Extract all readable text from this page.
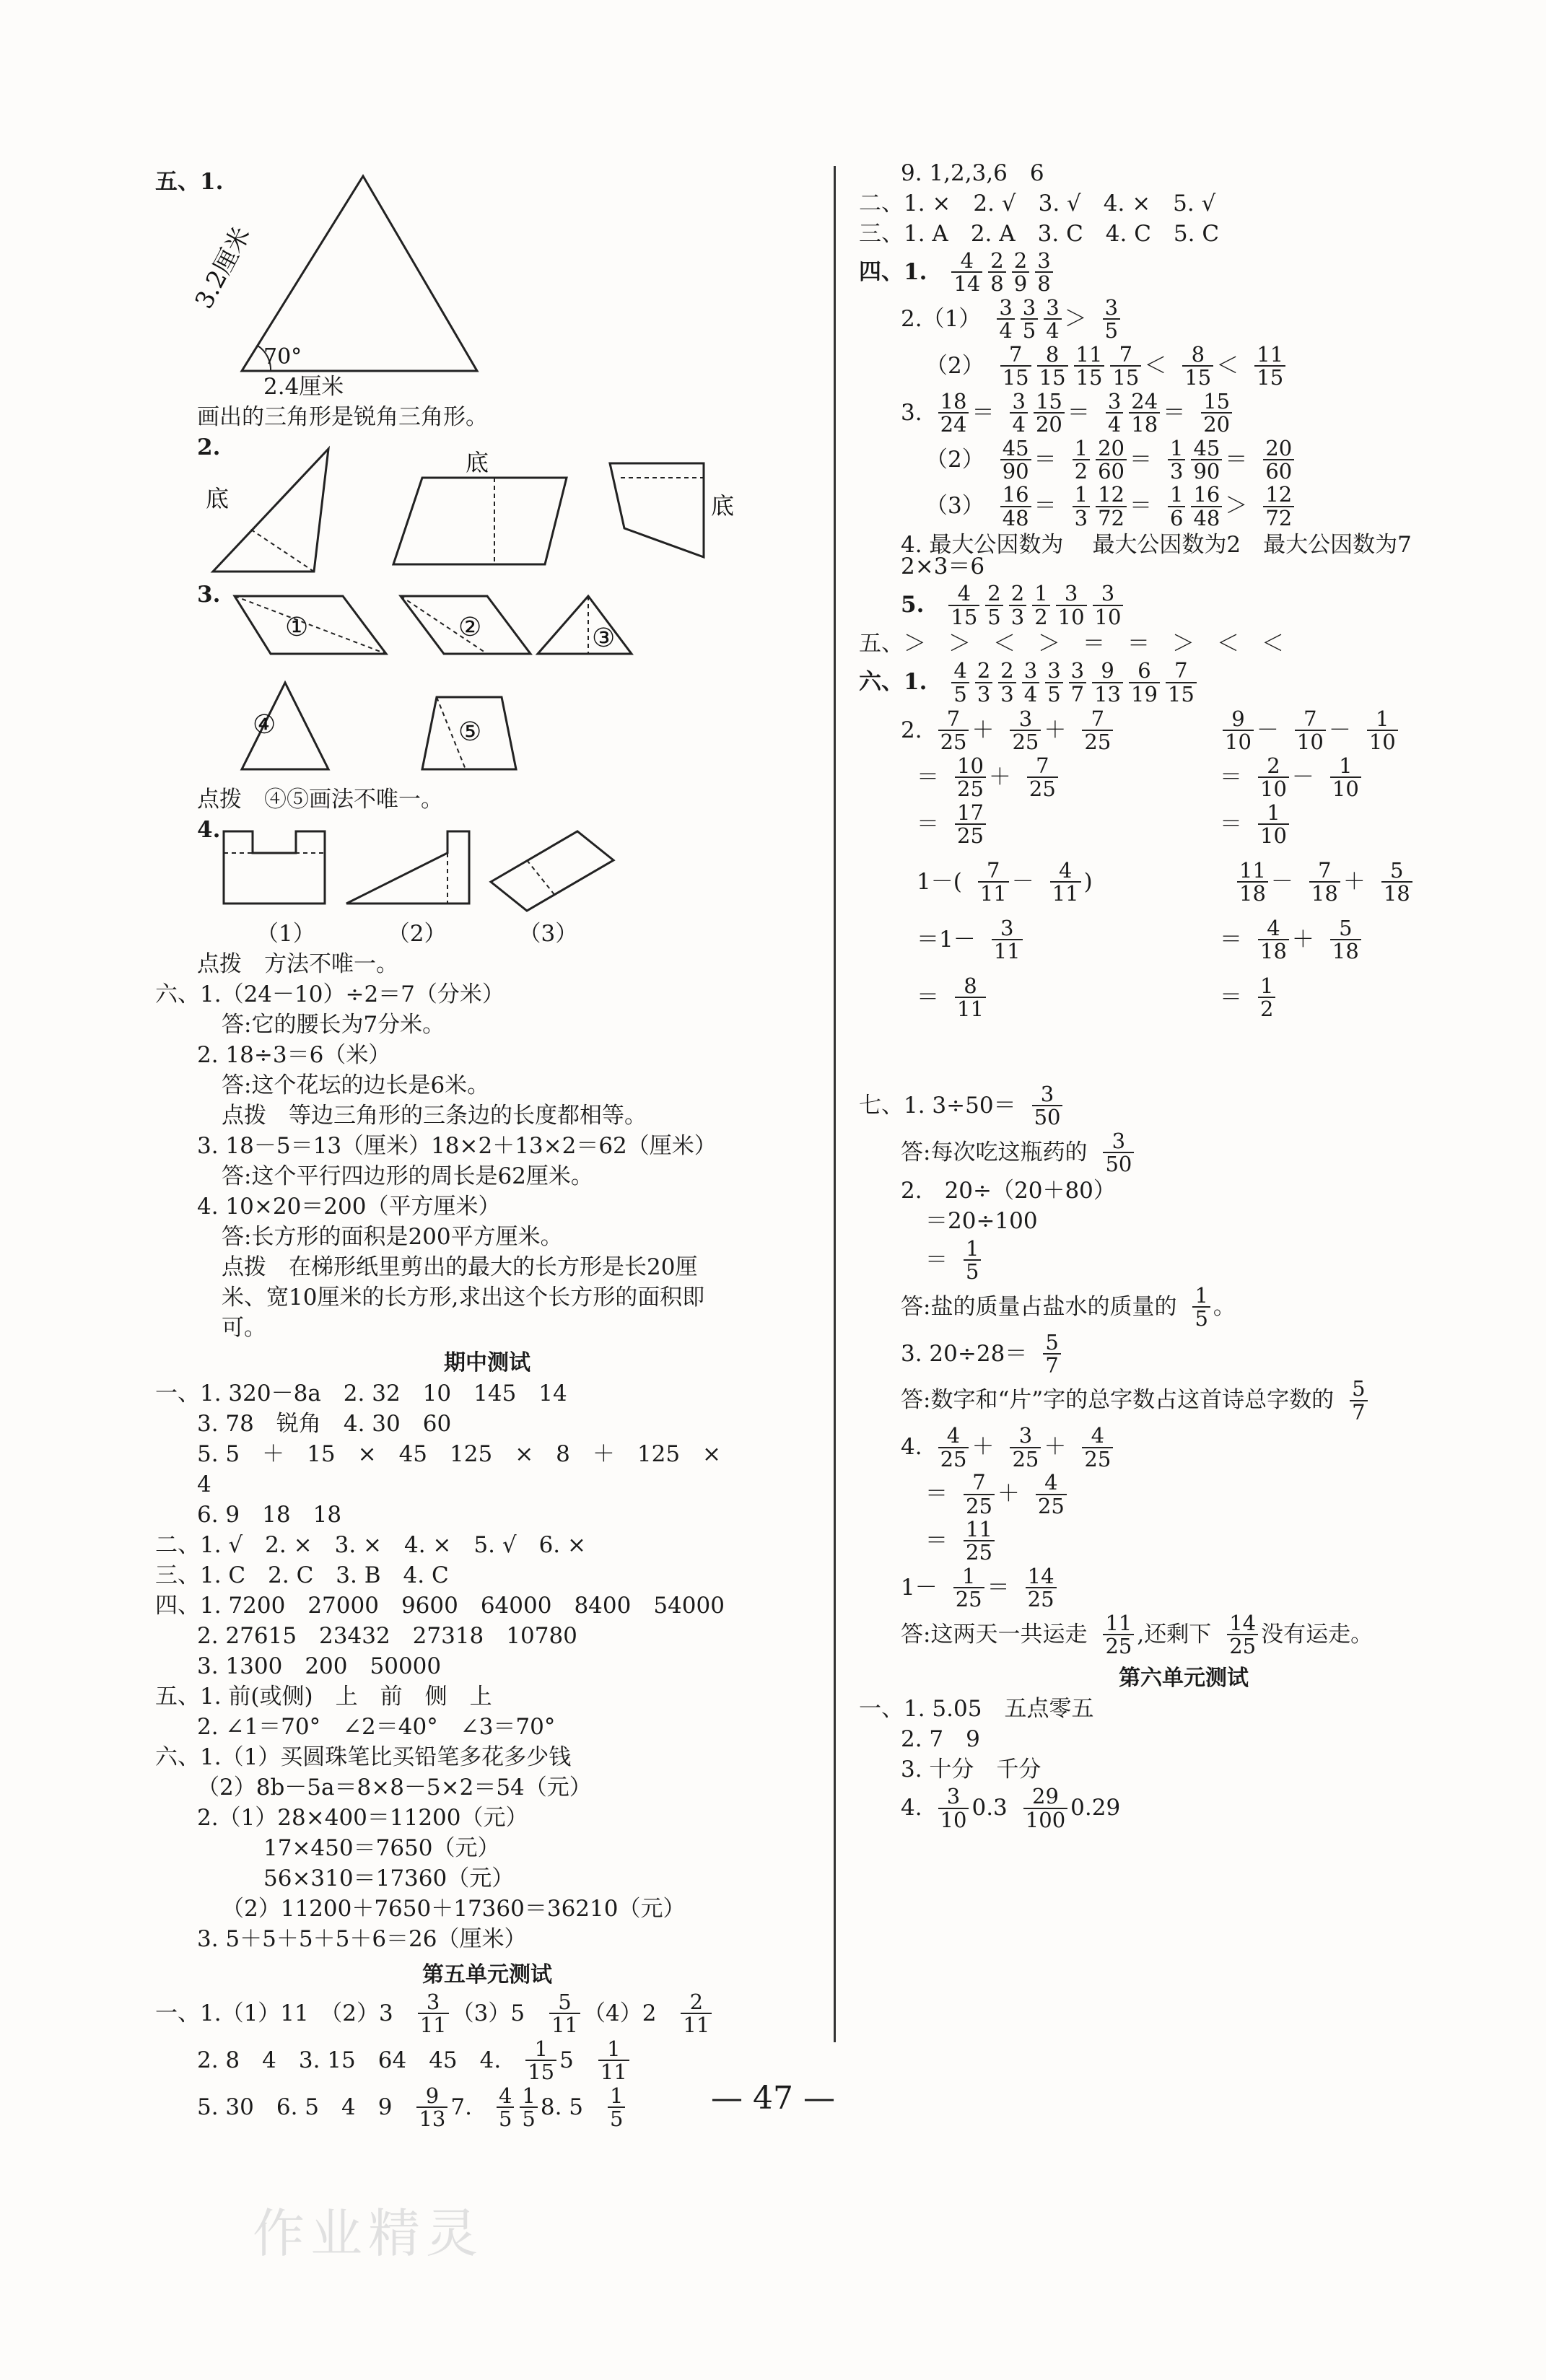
五、1.
3.2厘米
70°
2.4厘米
画出的三角形是锐角三角形。
2.
底
底
底
3.
①	②	③
④	⑤
点拨　④⑤画法不唯一。
4.
（1）	（2）	（3）
点拨　方法不唯一。
六、1.（24－10）÷2＝7（分米）
答:它的腰长为7分米。
2. 18÷3＝6（米）
答:这个花坛的边长是6米。
点拨　等边三角形的三条边的长度都相等。
3. 18－5＝13（厘米）18×2＋13×2＝62（厘米）
答:这个平行四边形的周长是62厘米。
4. 10×20＝200（平方厘米）
答:长方形的面积是200平方厘米。
点拨　在梯形纸里剪出的最大的长方形是长20厘
米、宽10厘米的长方形,求出这个长方形的面积即
可。
期中测试
一、1. 320－8a　2. 32　10　145　14
3. 78　锐角　4. 30　60
5. 5　＋　15　×　45　125　×　8　＋　125　×
4
6. 9　18　18
二、1. √　2. ×　3. ×　4. ×　5. √　6. ×
三、1. C　2. C　3. B　4. C
四、1. 7200　27000　9600　64000　8400　54000
2. 27615　23432　27318　10780
3. 1300　200　50000
五、1. 前(或侧)　上　前　侧　上
2. ∠1＝70°　∠2＝40°　∠3＝70°
六、1.（1）买圆珠笔比买铅笔多花多少钱
（2）8b－5a＝8×8－5×2＝54（元）
2.（1）28×400＝11200（元）
17×450＝7650（元）
56×310＝17360（元）
（2）11200＋7650＋17360＝36210（元）
3. 5＋5＋5＋5＋6＝26（厘米）
第五单元测试
一、1.（1）11　$(2)3 \frac{3}{11} (3)5 \frac{5}{11} (4)2 \frac{2}{11}$
2. 8　4　3. 15　64　45　4. $\frac{1}{15} 5 \frac{1}{11}$
5. 30　6. 5　4　$9 \frac{9}{13} 7$. $\frac{4}{5} \frac{1}{5} 8$. $5 \frac{1}{5}$
9. 1,2,3,6　6
二、1. ×　2. √　3. √　4. ×　5. √
三、1. A　2. A　3. C　4. C　5. C
四、1. $\frac{4}{14} \frac{2}{8} \frac{2}{9} \frac{3}{8}$
$2.(1) \frac{3}{4} \frac{3}{5} \frac{3}{4} > \frac{3}{5}$
$(2) \frac{7}{15} \frac{8}{15} \frac{11}{15} \frac{7}{15} < \frac{8}{15} < \frac{11}{15}$
3. $\frac{18}{24} = \frac{3}{4} \frac{15}{20} = \frac{3}{4} \frac{24}{18} = \frac{15}{20}$
$(2) \frac{45}{90} = \frac{1}{2} \frac{20}{60} = \frac{1}{3} \frac{45}{90} = \frac{20}{60}$
$(3) \frac{16}{48} = \frac{1}{3} \frac{12}{72} = \frac{1}{6} \frac{16}{48} > \frac{12}{72}$
4. 最大公因数为 最大公因数为2　最大公因数为7
2×3＝6
5. $\frac{4}{15} \frac{2}{5} \frac{2}{3} \frac{1}{2} \frac{3}{10} \frac{3}{10}$
五、＞　＞　＜　＞　＝　＝　＞　＜　＜
六、1. $\frac{4}{5} \frac{2}{3} \frac{2}{3} \frac{3}{4} \frac{3}{5} \frac{3}{7} \frac{9}{13} \frac{6}{19} \frac{7}{15}$
2. $\frac{7}{25} + \frac{3}{25} + \frac{7}{25}$	$\frac{9}{10} - \frac{7}{10} - \frac{1}{10}$
＝ $\frac{10}{25} + \frac{7}{25}$	＝ $\frac{2}{10} - \frac{1}{10}$
＝ $\frac{17}{25}$	＝ $\frac{1}{10}$
$1-( \frac{7}{11} - \frac{4}{11}$ )	$\frac{11}{18} - \frac{7}{18} + \frac{5}{18}$
$=1- \frac{3}{11}$	＝ $\frac{4}{18} + \frac{5}{18}$
＝ $\frac{8}{11}$	＝ $\frac{1}{2}$
七、1. $3\div 50= \frac{3}{50}$
答:每次吃这瓶药的 $\frac{3}{50}$
2.　20÷（20＋80）
＝20÷100
＝ $\frac{1}{5}$
答:盐的质量占盐水的质量的 $\frac{1}{5}$ 。
3. $20\div 28= \frac{5}{7}$
答:数字和“片”字的总字数占这首诗总字数的 $\frac{5}{7}$
4. $\frac{4}{25} + \frac{3}{25} + \frac{4}{25}$
＝ $\frac{7}{25} + \frac{4}{25}$
＝ $\frac{11}{25}$
$1- \frac{1}{25} = \frac{14}{25}$
答:这两天一共运走 $\frac{11}{25}$ ,还剩下 $\frac{14}{25}$ 没有运走。
第六单元测试
一、1. 5.05　五点零五
2. 7　9
3. 十分　千分
4. $\frac{3}{10} 0.3 \frac{29}{100} 0.29$
— 47 —
作业精灵
